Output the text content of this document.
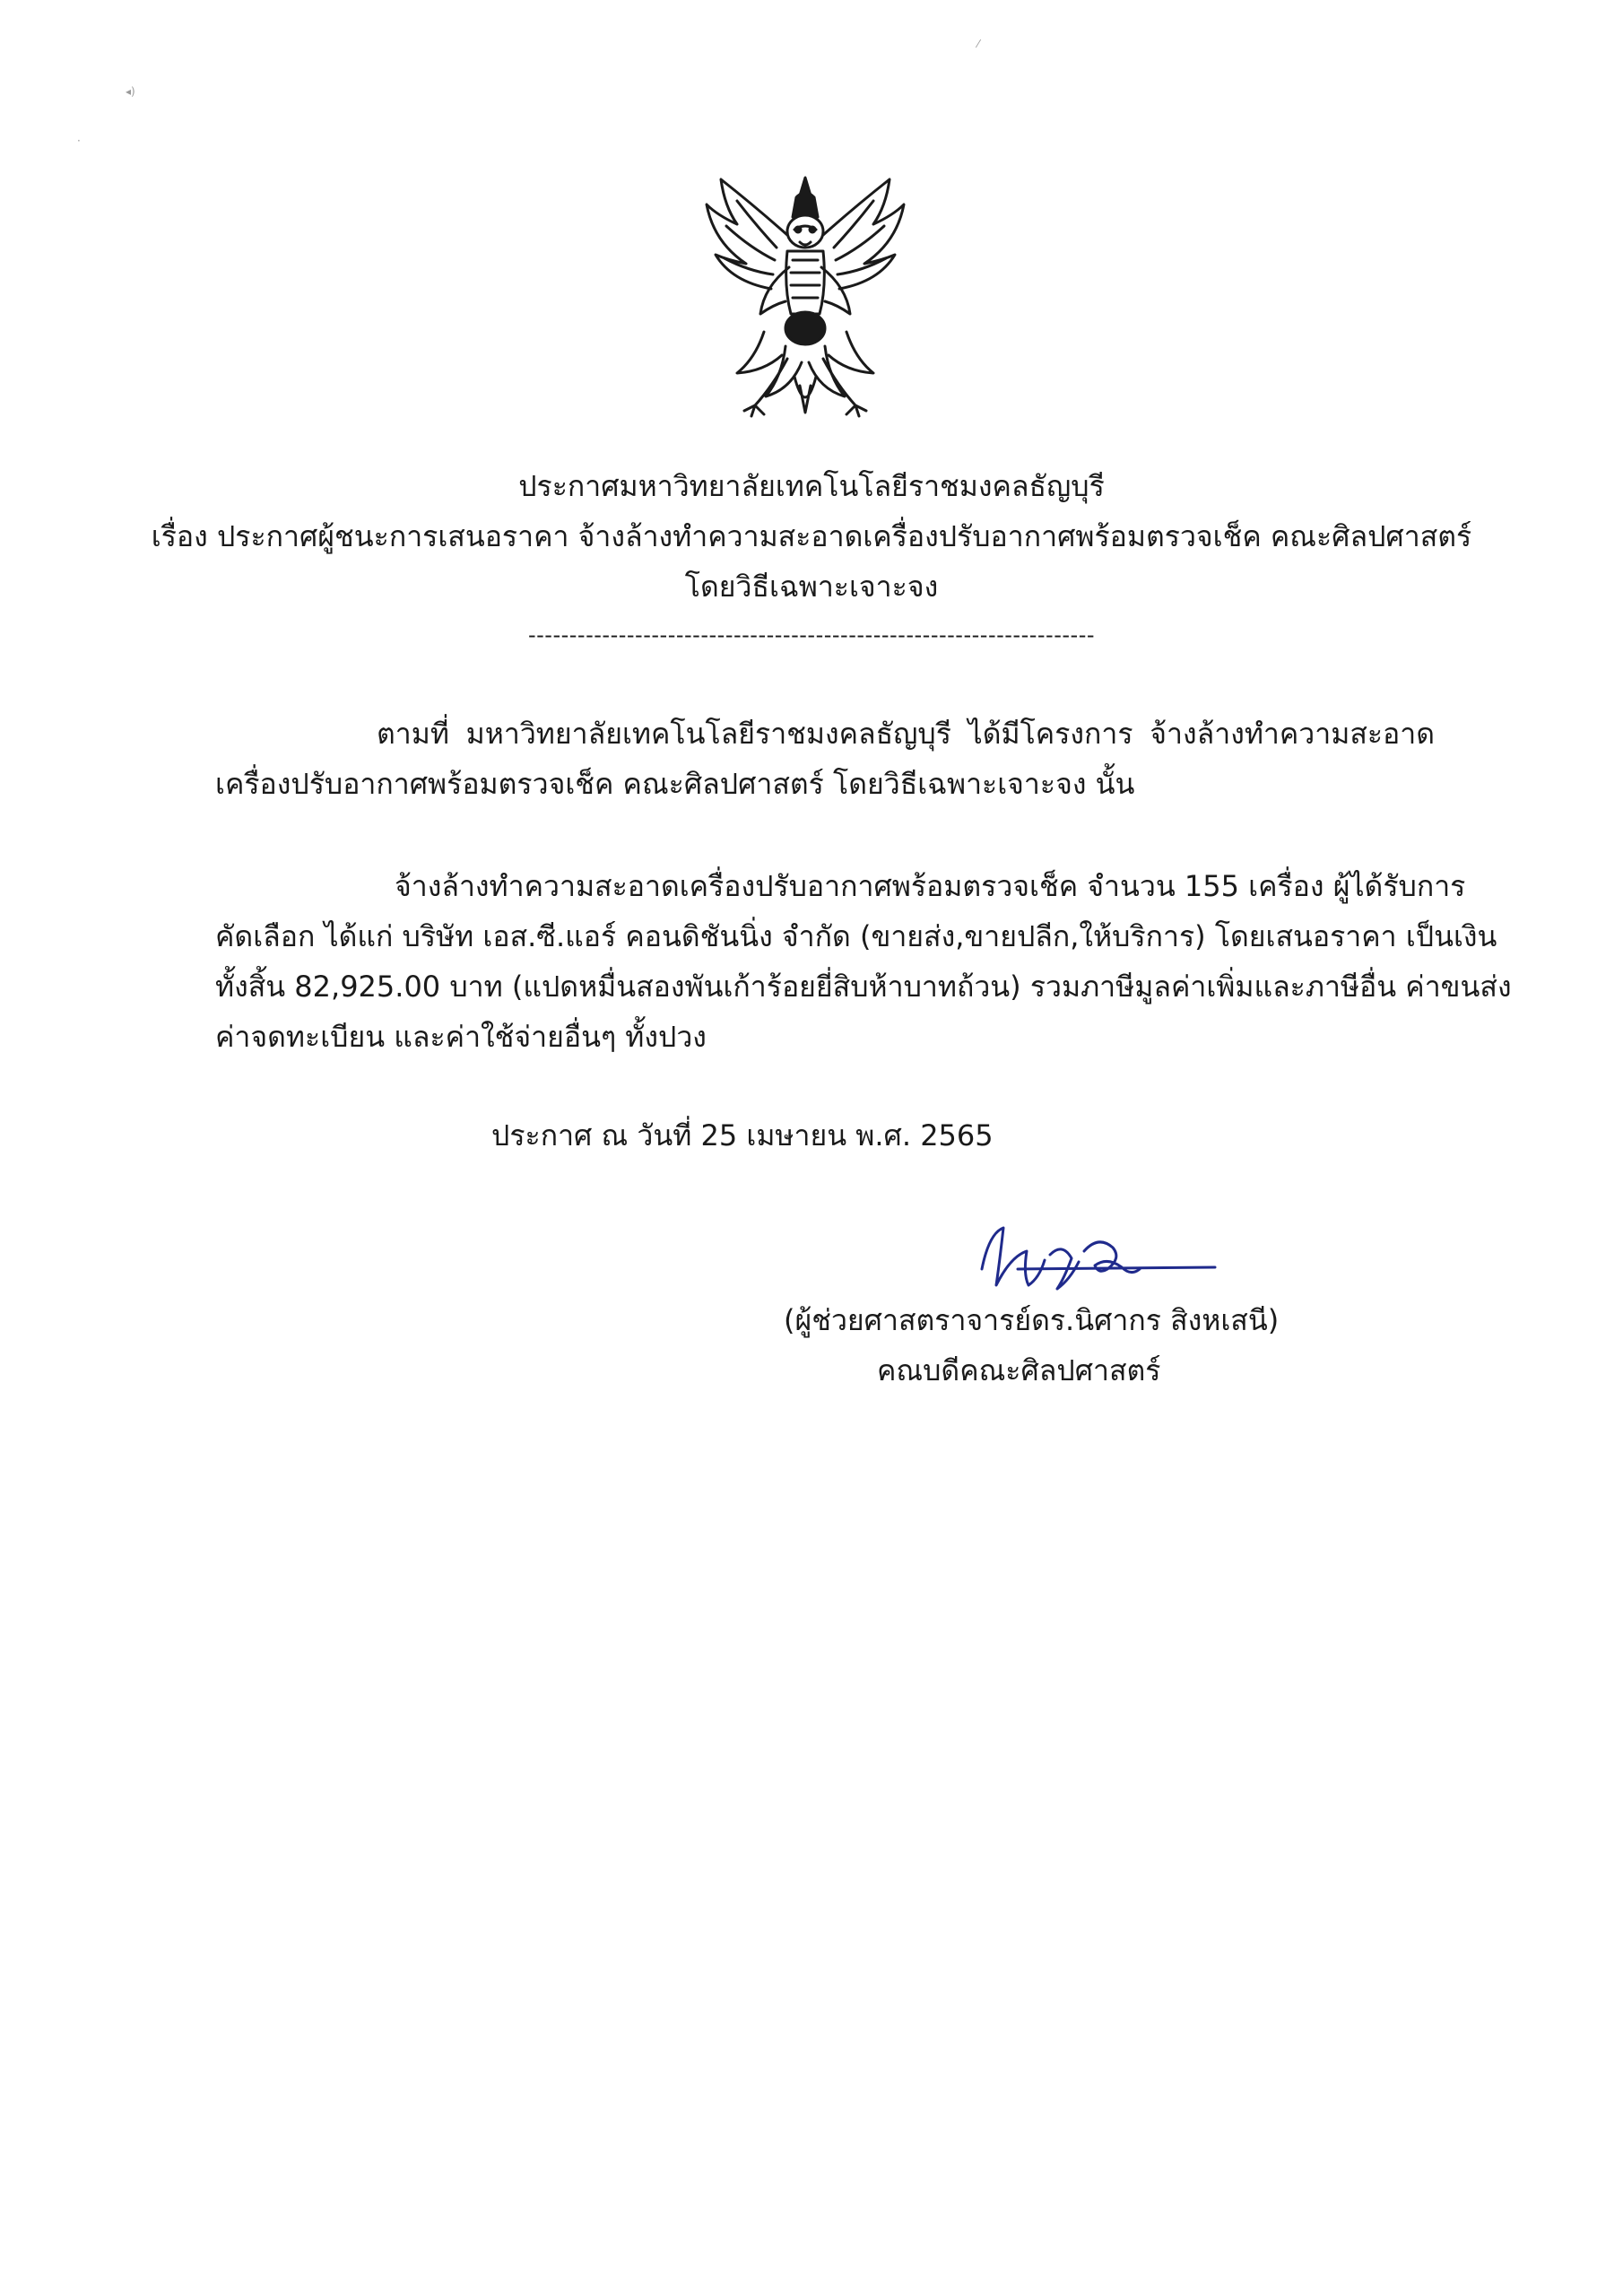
◂)
·
⁄
ประกาศมหาวิทยาลัยเทคโนโลยีราชมงคลธัญบุรี
เรื่อง ประกาศผู้ชนะการเสนอราคา จ้างล้างทำความสะอาดเครื่องปรับอากาศพร้อมตรวจเช็ค คณะศิลปศาสตร์
โดยวิธีเฉพาะเจาะจง
---------------------------------------------------------------------
ตามที่ มหาวิทยาลัยเทคโนโลยีราชมงคลธัญบุรี ได้มีโครงการ จ้างล้างทำความสะอาด
เครื่องปรับอากาศพร้อมตรวจเช็ค คณะศิลปศาสตร์ โดยวิธีเฉพาะเจาะจง นั้น
จ้างล้างทำความสะอาดเครื่องปรับอากาศพร้อมตรวจเช็ค จำนวน 155 เครื่อง ผู้ได้รับการ
คัดเลือก ได้แก่ บริษัท เอส.ซี.แอร์ คอนดิชันนิ่ง จำกัด (ขายส่ง,ขายปลีก,ให้บริการ) โดยเสนอราคา เป็นเงิน
ทั้งสิ้น 82,925.00 บาท (แปดหมื่นสองพันเก้าร้อยยี่สิบห้าบาทถ้วน) รวมภาษีมูลค่าเพิ่มและภาษีอื่น ค่าขนส่ง
ค่าจดทะเบียน และค่าใช้จ่ายอื่นๆ ทั้งปวง
ประกาศ ณ วันที่ 25 เมษายน พ.ศ. 2565
(ผู้ช่วยศาสตราจารย์ดร.นิศากร สิงหเสนี)
คณบดีคณะศิลปศาสตร์
